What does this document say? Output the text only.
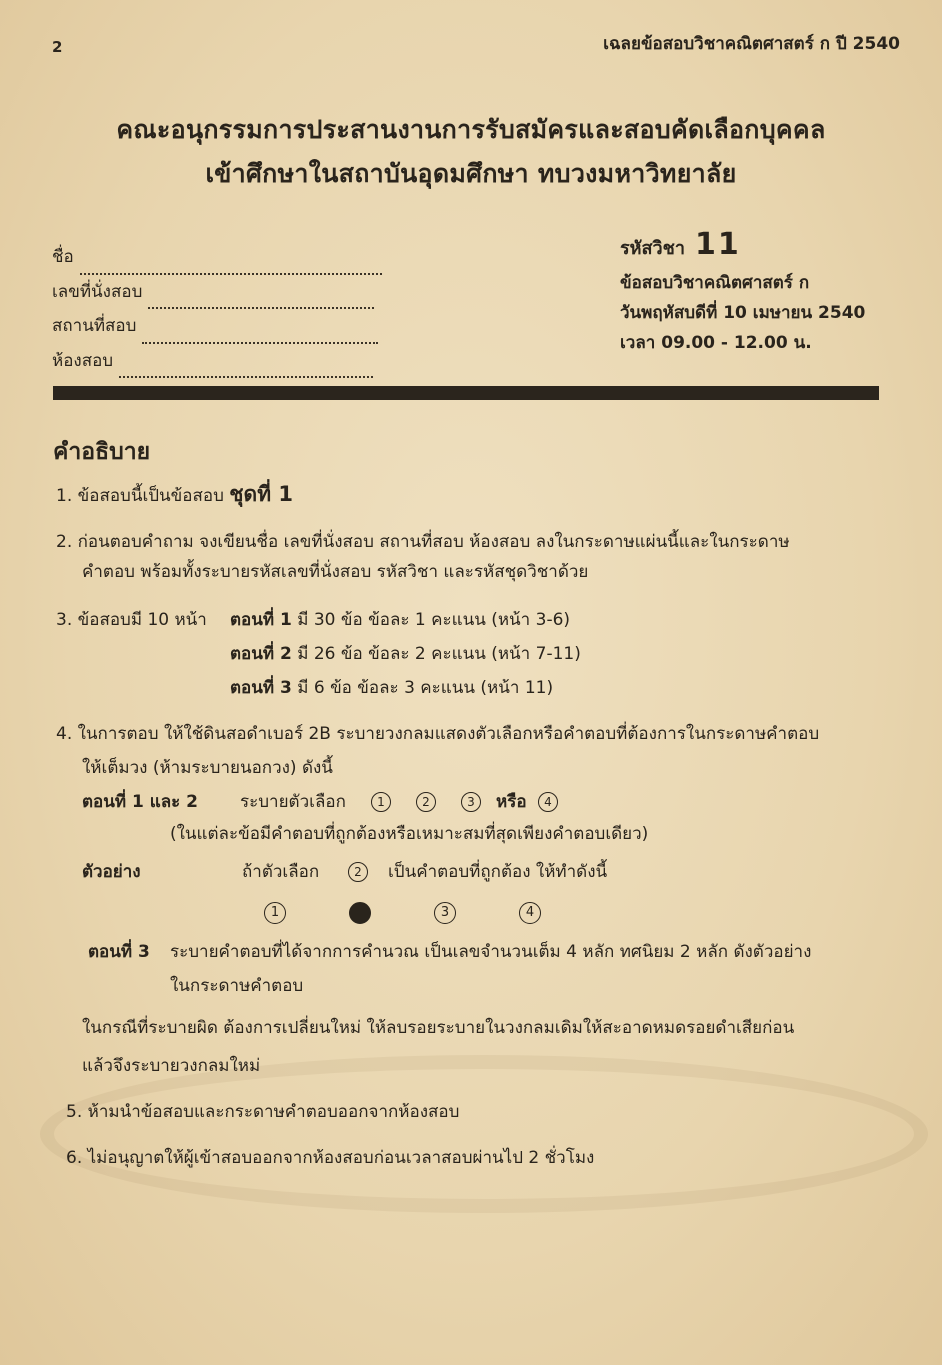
2	เฉลยข้อสอบวิชาคณิตศาสตร์ ก ปี 2540
คณะอนุกรรมการประสานงานการรับสมัครและสอบคัดเลือกบุคคล
เข้าศึกษาในสถาบันอุดมศึกษา ทบวงมหาวิทยาลัย
ชื่อ
เลขที่นั่งสอบ
สถานที่สอบ
ห้องสอบ
รหัสวิชา 11
ข้อสอบวิชาคณิตศาสตร์ ก
วันพฤหัสบดีที่ 10 เมษายน 2540
เวลา 09.00 - 12.00 น.
คำอธิบาย
1. ข้อสอบนี้เป็นข้อสอบ ชุดที่ 1
2. ก่อนตอบคำถาม จงเขียนชื่อ เลขที่นั่งสอบ สถานที่สอบ ห้องสอบ ลงในกระดาษแผ่นนี้และในกระดาษ
คำตอบ พร้อมทั้งระบายรหัสเลขที่นั่งสอบ รหัสวิชา และรหัสชุดวิชาด้วย
3. ข้อสอบมี 10 หน้า ตอนที่ 1 มี 30 ข้อ ข้อละ 1 คะแนน (หน้า 3-6)
ตอนที่ 2 มี 26 ข้อ ข้อละ 2 คะแนน (หน้า 7-11)
ตอนที่ 3 มี 6 ข้อ ข้อละ 3 คะแนน (หน้า 11)
4. ในการตอบ ให้ใช้ดินสอดำเบอร์ 2B ระบายวงกลมแสดงตัวเลือกหรือคำตอบที่ต้องการในกระดาษคำตอบ
ให้เต็มวง (ห้ามระบายนอกวง) ดังนี้
ตอนที่ 1 และ 2 ระบายตัวเลือก	1	2	3	หรือ	4
(ในแต่ละข้อมีคำตอบที่ถูกต้องหรือเหมาะสมที่สุดเพียงคำตอบเดียว)
ตัวอย่าง	ถ้าตัวเลือก	2	เป็นคำตอบที่ถูกต้อง ให้ทำดังนี้
1	3	4
ตอนที่ 3 ระบายคำตอบที่ได้จากการคำนวณ เป็นเลขจำนวนเต็ม 4 หลัก ทศนิยม 2 หลัก ดังตัวอย่าง
ในกระดาษคำตอบ
ในกรณีที่ระบายผิด ต้องการเปลี่ยนใหม่ ให้ลบรอยระบายในวงกลมเดิมให้สะอาดหมดรอยดำเสียก่อน
แล้วจึงระบายวงกลมใหม่
5. ห้ามนำข้อสอบและกระดาษคำตอบออกจากห้องสอบ
6. ไม่อนุญาตให้ผู้เข้าสอบออกจากห้องสอบก่อนเวลาสอบผ่านไป 2 ชั่วโมง
